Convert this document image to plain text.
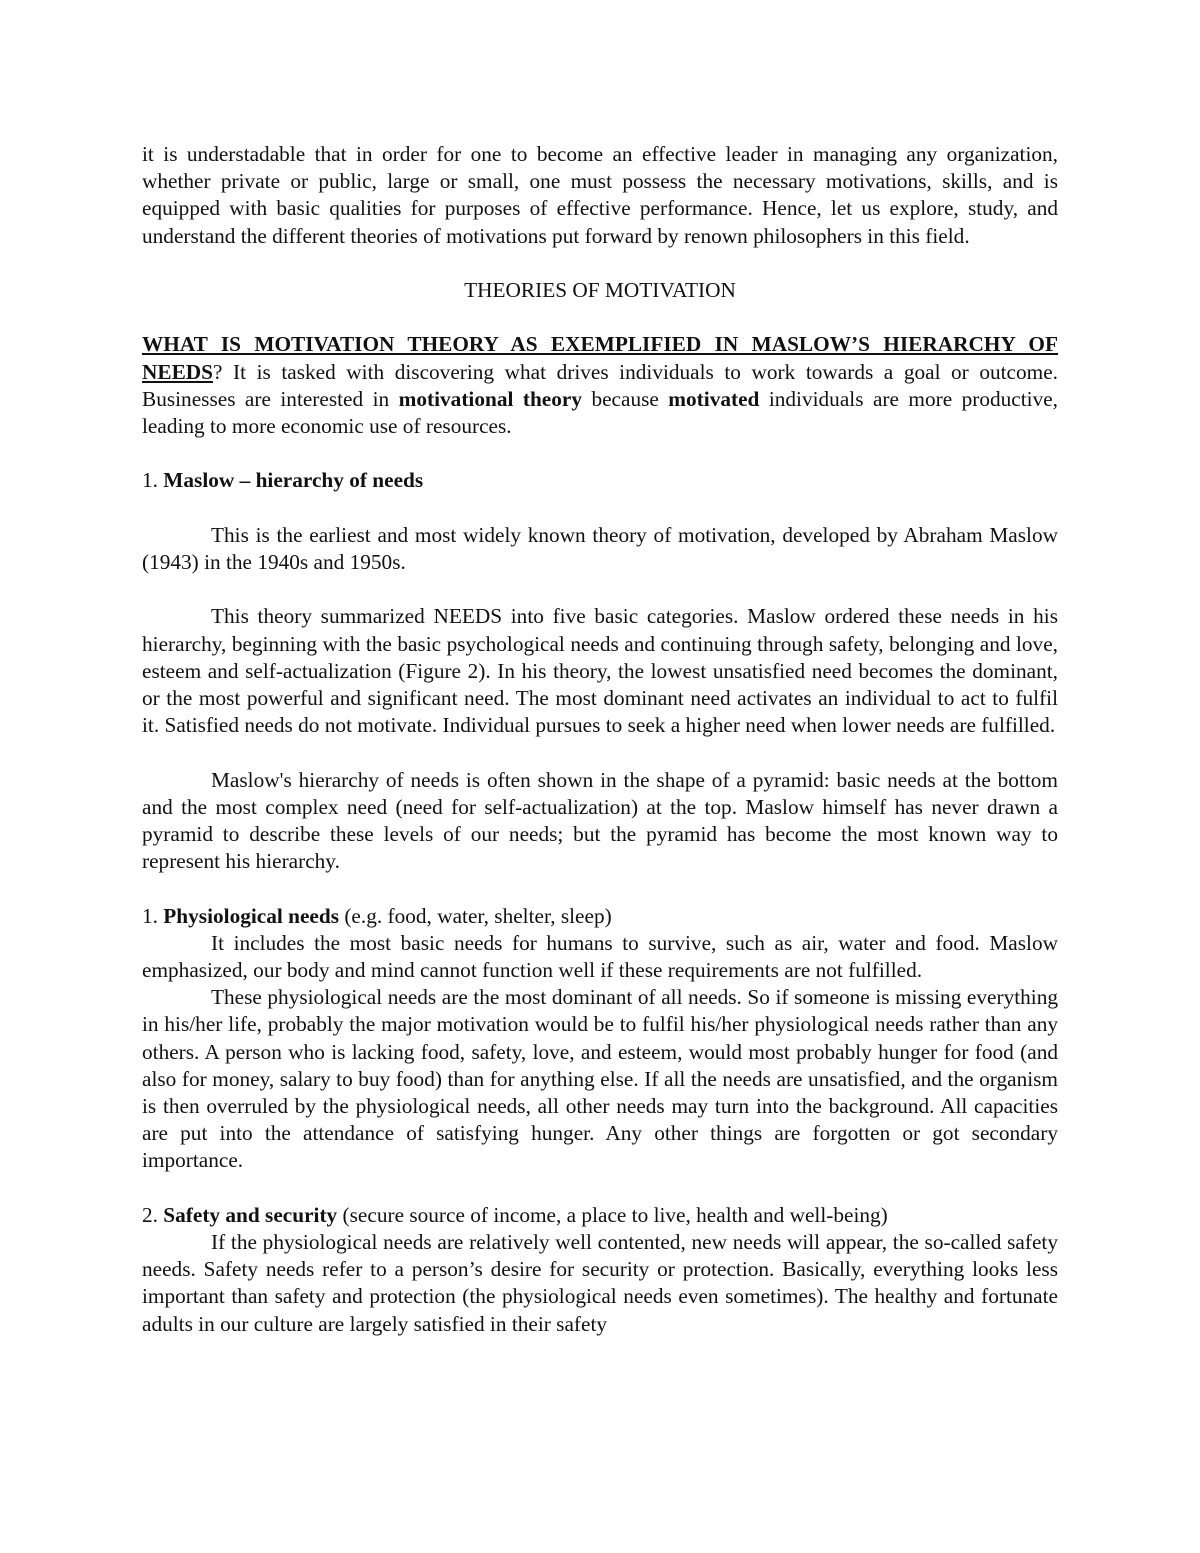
it is understadable that in order for one to become an effective leader in managing any organization, whether private or public, large or small, one must possess the necessary motivations, skills, and is equipped with basic qualities for purposes of effective performance. Hence, let us explore, study, and understand the different theories of motivations put forward by renown philosophers in this field.

THEORIES OF MOTIVATION

WHAT IS MOTIVATION THEORY AS EXEMPLIFIED IN MASLOW’S HIERARCHY OF NEEDS? It is tasked with discovering what drives individuals to work towards a goal or outcome. Businesses are interested in motivational theory because motivated individuals are more productive, leading to more economic use of resources.

1. Maslow – hierarchy of needs

This is the earliest and most widely known theory of motivation, developed by Abraham Maslow (1943) in the 1940s and 1950s.

This theory summarized NEEDS into five basic categories. Maslow ordered these needs in his hierarchy, beginning with the basic psychological needs and continuing through safety, belonging and love, esteem and self-actualization (Figure 2). In his theory, the lowest unsatisfied need becomes the dominant, or the most powerful and significant need. The most dominant need activates an individual to act to fulfil it. Satisfied needs do not motivate. Individual pursues to seek a higher need when lower needs are fulfilled.

Maslow's hierarchy of needs is often shown in the shape of a pyramid: basic needs at the bottom and the most complex need (need for self-actualization) at the top. Maslow himself has never drawn a pyramid to describe these levels of our needs; but the pyramid has become the most known way to represent his hierarchy.

1. Physiological needs (e.g. food, water, shelter, sleep)

It includes the most basic needs for humans to survive, such as air, water and food. Maslow emphasized, our body and mind cannot function well if these requirements are not fulfilled.

These physiological needs are the most dominant of all needs. So if someone is missing everything in his/her life, probably the major motivation would be to fulfil his/her physiological needs rather than any others. A person who is lacking food, safety, love, and esteem, would most probably hunger for food (and also for money, salary to buy food) than for anything else. If all the needs are unsatisfied, and the organism is then overruled by the physiological needs, all other needs may turn into the background. All capacities are put into the attendance of satisfying hunger. Any other things are forgotten or got secondary importance.

2. Safety and security (secure source of income, a place to live, health and well-being)

If the physiological needs are relatively well contented, new needs will appear, the so-called safety needs. Safety needs refer to a person’s desire for security or protection. Basically, everything looks less important than safety and protection (the physiological needs even sometimes). The healthy and fortunate adults in our culture are largely satisfied in their safety
